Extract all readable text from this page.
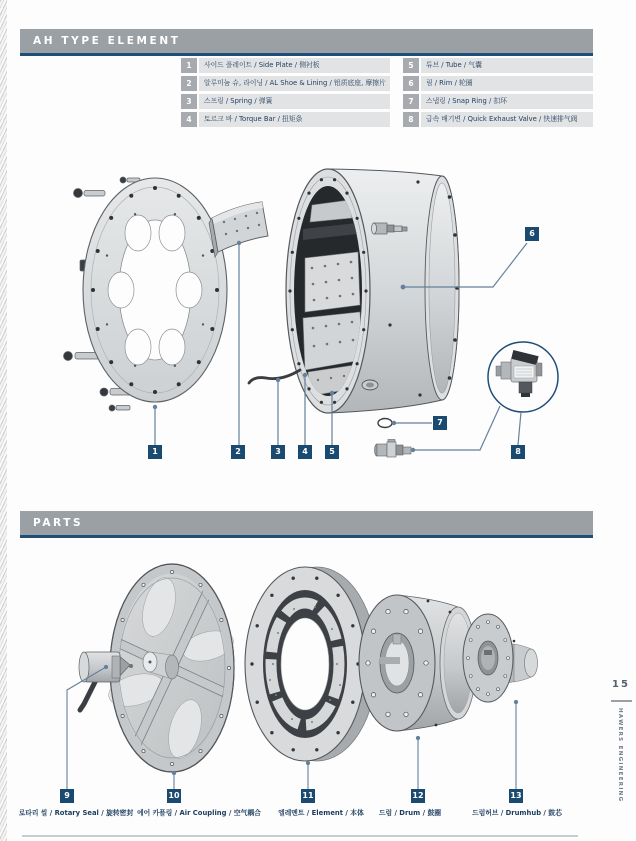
AH TYPE ELEMENT
1	사이드 플레이트 / Side Plate / 侧衬板
2	알루미늄 슈, 라이닝 / AL Shoe & Lining / 铝质底座, 摩擦片
3	스프링 / Spring / 弹簧
4	토르크 바 / Torque Bar / 扭矩条
5	튜브 / Tube / 气囊
6	림 / Rim / 轮圈
7	스냅링 / Snap Ring / 扣环
8	급속 배기변 / Quick Exhaust Valve / 快速排气阀
1	2	3	4	5
6
7
8
PARTS
9	10	11	12	13
로타리 씰 / Rotary Seal / 旋转密封 에어 카플링 / Air Coupling / 空气耦合	엘레멘트 / Element / 本体 드럼 / Drum / 鼓圈	드럼허브 / Drumhub / 鼓芯
15
HAWERS ENGINEERING
